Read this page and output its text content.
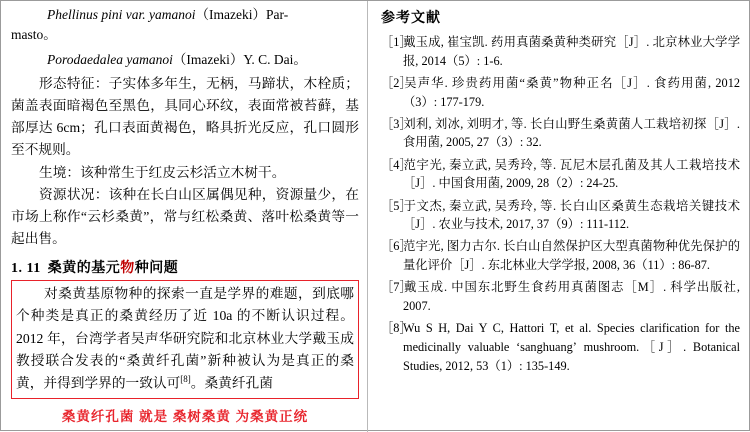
Phellinus pini var. yamanoi（Imazeki）Par-
masto。
Porodaedalea yamanoi（Imazeki）Y. C. Dai。

形态特征：子实体多年生，无柄，马蹄状，木栓质；菌盖表面暗褐色至黑色，具同心环纹，表面常被苔藓，基部厚达 6cm；孔口表面黄褐色，略具折光反应，孔口圆形至不规则。

生境：该种常生于红皮云杉活立木树干。

资源状况：该种在长白山区属偶见种，资源量少，在市场上称作“云杉桑黄”，常与红松桑黄、落叶松桑黄等一起出售。

1. 11 桑黄的基元物种问题

对桑黄基原物种的探索一直是学界的难题，到底哪个种类是真正的桑黄经历了近 10a 的不断认识过程。2012 年，台湾学者吴声华研究院和北京林业大学戴玉成教授联合发表的“桑黄纤孔菌”新种被认为是真正的桑黄，并得到学界的一致认可[8]。桑黄纤孔菌

桑黄纤孔菌 就是 桑树桑黄 为桑黄正统
参考文献
［1］戴玉成, 崔宝凯. 药用真菌桑黄种类研究［J］. 北京林业大学学报, 2014（5）: 1-6.
［2］吴声华. 珍贵药用菌“桑黄”物种正名［J］. 食药用菌, 2012（3）: 177-179.
［3］刘利, 刘冰, 刘明才, 等. 长白山野生桑黄菌人工栽培初探［J］. 食用菌, 2005, 27（3）: 32.
［4］范宇光, 秦立武, 吴秀玲, 等. 瓦尼木层孔菌及其人工栽培技术［J］. 中国食用菌, 2009, 28（2）: 24-25.
［5］于文杰, 秦立武, 吴秀玲, 等. 长白山区桑黄生态栽培关键技术［J］. 农业与技术, 2017, 37（9）: 111-112.
［6］范宇光, 图力古尔. 长白山自然保护区大型真菌物种优先保护的量化评价［J］. 东北林业大学学报, 2008, 36（11）: 86-87.
［7］戴玉成. 中国东北野生食药用真菌图志［M］. 科学出版社, 2007.
［8］Wu S H, Dai Y C, Hattori T, et al. Species clarification for the medicinally valuable ʻsanghuangʼ mushroom.［J］. Botanical Studies, 2012, 53（1）: 135-149.
